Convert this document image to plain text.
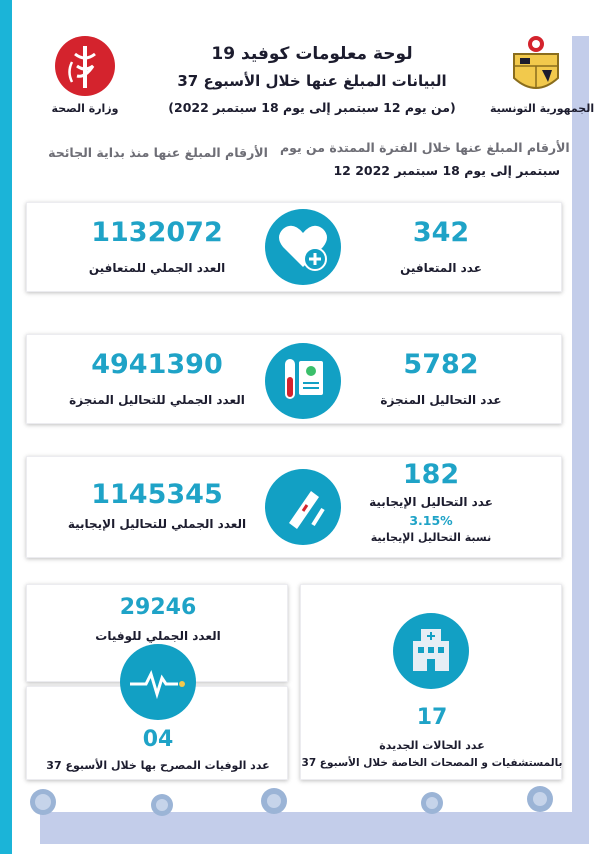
وزارة الصحة	الجمهورية التونسية
لوحة معلومات كوفيد 19
البيانات المبلغ عنها خلال الأسبوع 37
(من يوم 12 سبتمبر إلى يوم 18 سبتمبر 2022)
الأرقام المبلغ عنها خلال الفترة الممتدة من يوم
12 سبتمبر إلى يوم 18 سبتمبر 2022
الأرقام المبلغ عنها منذ بداية الجائحة
342
عدد المتعافين
1132072
العدد الجملي للمتعافين
5782
عدد التحاليل المنجزة
4941390
العدد الجملي للتحاليل المنجزة
182
عدد التحاليل الإيجابية
3.15%
نسبة التحاليل الإيجابية
1145345
العدد الجملي للتحاليل الإيجابية
17
عدد الحالات الجديدة
بالمستشفيات و المصحات الخاصة خلال الأسبوع 37
29246
العدد الجملي للوفيات
04
عدد الوفيات المصرح بها خلال الأسبوع 37
